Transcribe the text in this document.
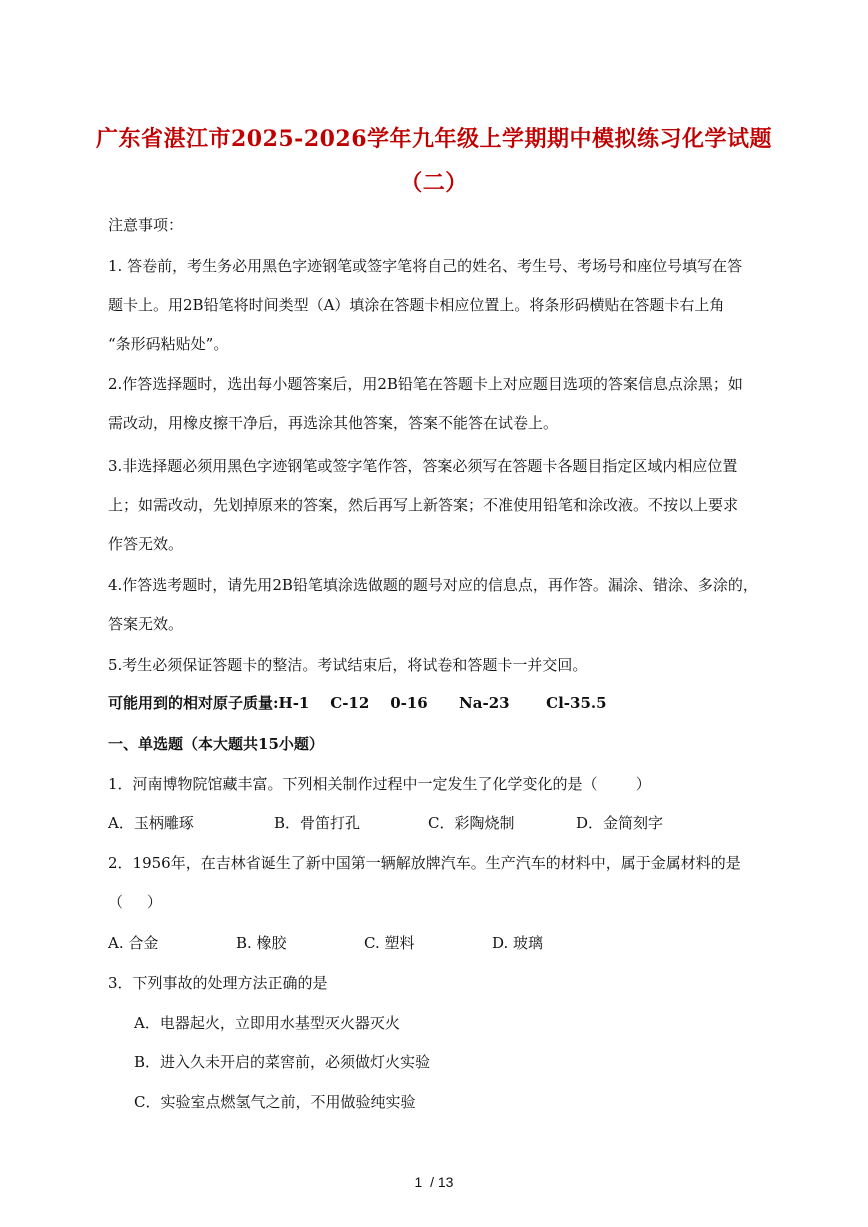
广东省湛江市2025-2026学年九年级上学期期中模拟练习化学试题
（二）
注意事项：
1. 答卷前，考生务必用黑色字迹钢笔或签字笔将自己的姓名、考生号、考场号和座位号填写在答
题卡上。用2B铅笔将时间类型（A）填涂在答题卡相应位置上。将条形码横贴在答题卡右上角
“条形码粘贴处”。
2.作答选择题时，选出每小题答案后，用2B铅笔在答题卡上对应题目选项的答案信息点涂黑；如
需改动，用橡皮擦干净后，再选涂其他答案，答案不能答在试卷上。
3.非选择题必须用黑色字迹钢笔或签字笔作答，答案必须写在答题卡各题目指定区域内相应位置
上；如需改动，先划掉原来的答案，然后再写上新答案；不准使用铅笔和涂改液。不按以上要求
作答无效。
4.作答选考题时，请先用2B铅笔填涂选做题的题号对应的信息点，再作答。漏涂、错涂、多涂的，
答案无效。
5.考生必须保证答题卡的整洁。考试结束后，将试卷和答题卡一并交回。
可能用到的相对原子质量:H-1    C-12    0-16      Na-23       Cl-35.5
一、单选题（本大题共15小题）
1．河南博物院馆藏丰富。下列相关制作过程中一定发生了化学变化的是（        ）
A．玉柄雕琢	B．骨笛打孔	C．彩陶烧制	D．金简刻字
2．1956年，在吉林省诞生了新中国第一辆解放牌汽车。生产汽车的材料中，属于金属材料的是
（     ）
A. 合金	B. 橡胶	C. 塑料	D. 玻璃
3．下列事故的处理方法正确的是
A．电器起火，立即用水基型灭火器灭火
B．进入久未开启的菜窖前，必须做灯火实验
C．实验室点燃氢气之前，不用做验纯实验
1  / 13
